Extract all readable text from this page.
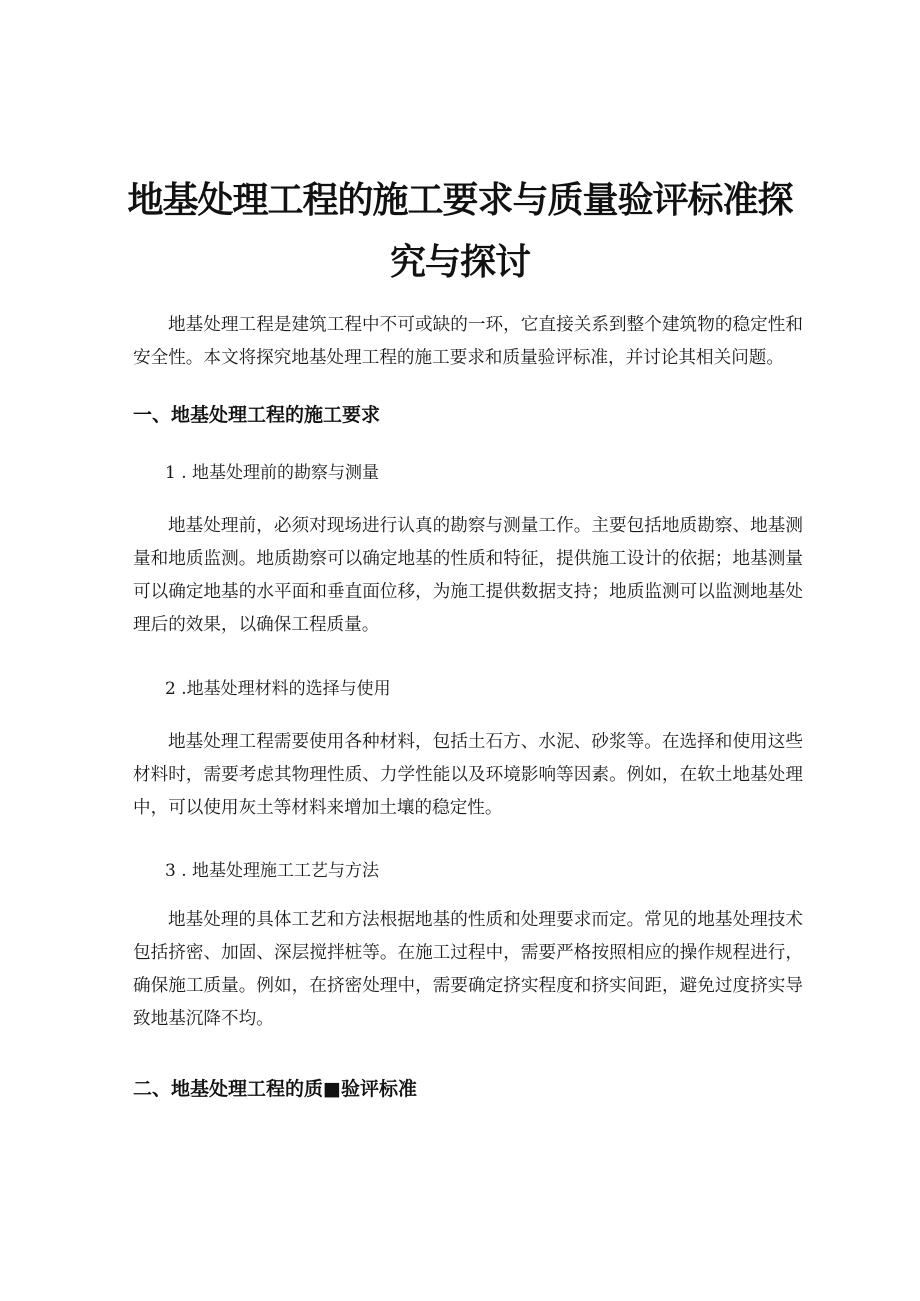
地基处理工程的施工要求与质量验评标准探
究与探讨

地基处理工程是建筑工程中不可或缺的一环，它直接关系到整个建筑物的稳定性和安全性。本文将探究地基处理工程的施工要求和质量验评标准，并讨论其相关问题。

一、地基处理工程的施工要求
1 . 地基处理前的勘察与测量

地基处理前，必须对现场进行认真的勘察与测量工作。主要包括地质勘察、地基测量和地质监测。地质勘察可以确定地基的性质和特征，提供施工设计的依据；地基测量可以确定地基的水平面和垂直面位移，为施工提供数据支持；地质监测可以监测地基处理后的效果，以确保工程质量。

2 .地基处理材料的选择与使用

地基处理工程需要使用各种材料，包括土石方、水泥、砂浆等。在选择和使用这些材料时，需要考虑其物理性质、力学性能以及环境影响等因素。例如，在软土地基处理中，可以使用灰土等材料来增加土壤的稳定性。

3 . 地基处理施工工艺与方法

地基处理的具体工艺和方法根据地基的性质和处理要求而定。常见的地基处理技术包括挤密、加固、深层搅拌桩等。在施工过程中，需要严格按照相应的操作规程进行，确保施工质量。例如，在挤密处理中，需要确定挤实程度和挤实间距，避免过度挤实导致地基沉降不均。

二、地基处理工程的质■验评标准
